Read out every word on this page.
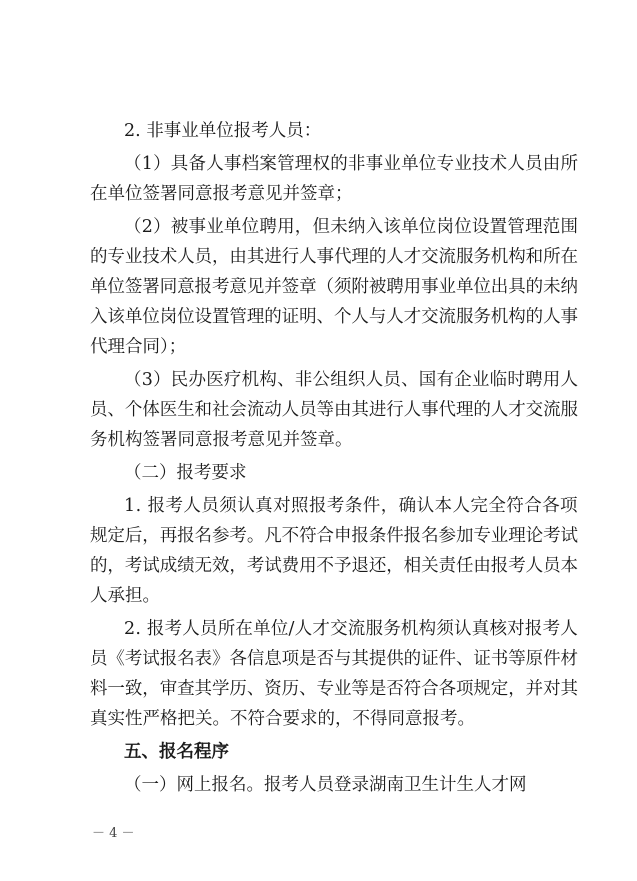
2. 非事业单位报考人员：
（1）具备人事档案管理权的非事业单位专业技术人员由所
在单位签署同意报考意见并签章；
（2）被事业单位聘用，但未纳入该单位岗位设置管理范围
的专业技术人员，由其进行人事代理的人才交流服务机构和所在
单位签署同意报考意见并签章（须附被聘用事业单位出具的未纳
入该单位岗位设置管理的证明、个人与人才交流服务机构的人事
代理合同）；
（3）民办医疗机构、非公组织人员、国有企业临时聘用人
员、个体医生和社会流动人员等由其进行人事代理的人才交流服
务机构签署同意报考意见并签章。
（二）报考要求
1. 报考人员须认真对照报考条件，确认本人完全符合各项
规定后，再报名参考。凡不符合申报条件报名参加专业理论考试
的，考试成绩无效，考试费用不予退还，相关责任由报考人员本
人承担。
2. 报考人员所在单位/人才交流服务机构须认真核对报考人
员《考试报名表》各信息项是否与其提供的证件、证书等原件材
料一致，审查其学历、资历、专业等是否符合各项规定，并对其
真实性严格把关。不符合要求的，不得同意报考。
五、报名程序
（一）网上报名。报考人员登录湖南卫生计生人才网
－ 4 －
